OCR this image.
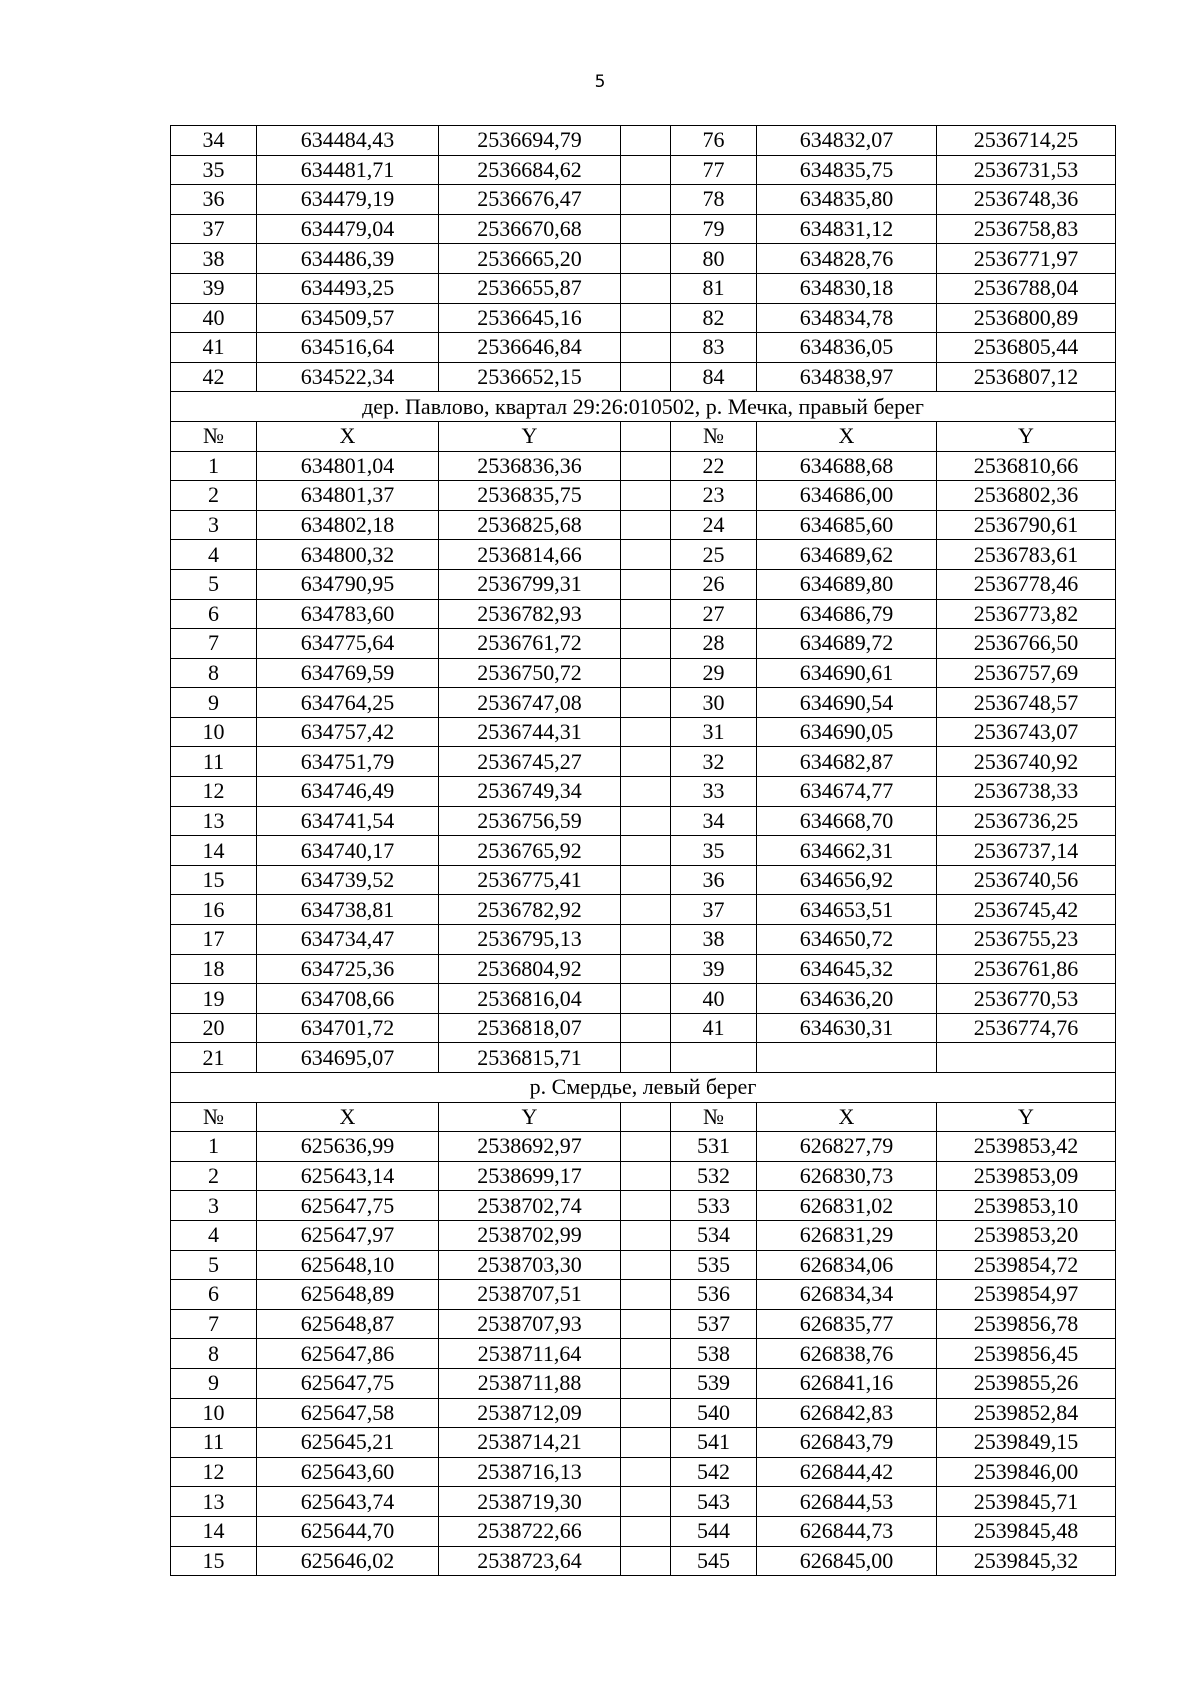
5
34	634484,43	2536694,79		76	634832,07	2536714,25
35	634481,71	2536684,62		77	634835,75	2536731,53
36	634479,19	2536676,47		78	634835,80	2536748,36
37	634479,04	2536670,68		79	634831,12	2536758,83
38	634486,39	2536665,20		80	634828,76	2536771,97
39	634493,25	2536655,87		81	634830,18	2536788,04
40	634509,57	2536645,16		82	634834,78	2536800,89
41	634516,64	2536646,84		83	634836,05	2536805,44
42	634522,34	2536652,15		84	634838,97	2536807,12
дер. Павлово, квартал 29:26:010502, р. Мечка, правый берег						
№	X	Y		№	X	Y
1	634801,04	2536836,36		22	634688,68	2536810,66
2	634801,37	2536835,75		23	634686,00	2536802,36
3	634802,18	2536825,68		24	634685,60	2536790,61
4	634800,32	2536814,66		25	634689,62	2536783,61
5	634790,95	2536799,31		26	634689,80	2536778,46
6	634783,60	2536782,93		27	634686,79	2536773,82
7	634775,64	2536761,72		28	634689,72	2536766,50
8	634769,59	2536750,72		29	634690,61	2536757,69
9	634764,25	2536747,08		30	634690,54	2536748,57
10	634757,42	2536744,31		31	634690,05	2536743,07
11	634751,79	2536745,27		32	634682,87	2536740,92
12	634746,49	2536749,34		33	634674,77	2536738,33
13	634741,54	2536756,59		34	634668,70	2536736,25
14	634740,17	2536765,92		35	634662,31	2536737,14
15	634739,52	2536775,41		36	634656,92	2536740,56
16	634738,81	2536782,92		37	634653,51	2536745,42
17	634734,47	2536795,13		38	634650,72	2536755,23
18	634725,36	2536804,92		39	634645,32	2536761,86
19	634708,66	2536816,04		40	634636,20	2536770,53
20	634701,72	2536818,07		41	634630,31	2536774,76
21	634695,07	2536815,71				
р. Смердье, левый берег						
№	X	Y		№	X	Y
1	625636,99	2538692,97		531	626827,79	2539853,42
2	625643,14	2538699,17		532	626830,73	2539853,09
3	625647,75	2538702,74		533	626831,02	2539853,10
4	625647,97	2538702,99		534	626831,29	2539853,20
5	625648,10	2538703,30		535	626834,06	2539854,72
6	625648,89	2538707,51		536	626834,34	2539854,97
7	625648,87	2538707,93		537	626835,77	2539856,78
8	625647,86	2538711,64		538	626838,76	2539856,45
9	625647,75	2538711,88		539	626841,16	2539855,26
10	625647,58	2538712,09		540	626842,83	2539852,84
11	625645,21	2538714,21		541	626843,79	2539849,15
12	625643,60	2538716,13		542	626844,42	2539846,00
13	625643,74	2538719,30		543	626844,53	2539845,71
14	625644,70	2538722,66		544	626844,73	2539845,48
15	625646,02	2538723,64		545	626845,00	2539845,32
